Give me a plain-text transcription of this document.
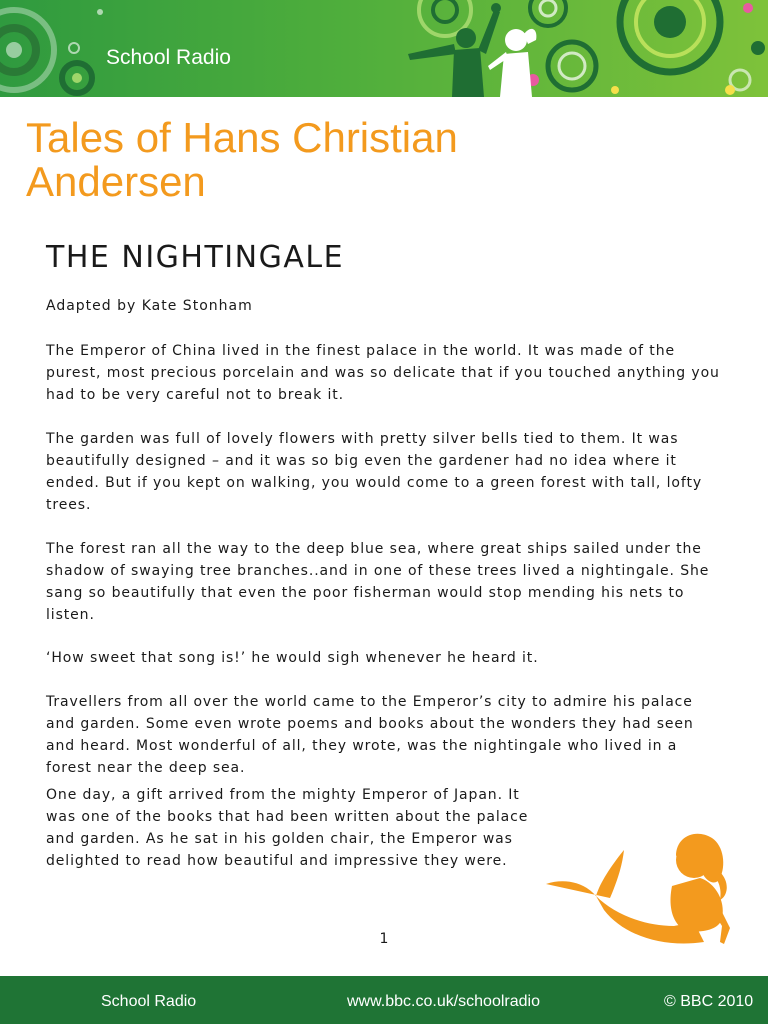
School Radio
Tales of Hans Christian Andersen
THE NIGHTINGALE

Adapted by Kate Stonham

The Emperor of China lived in the finest palace in the world. It was made of the purest, most precious porcelain and was so delicate that if you touched anything you had to be very careful not to break it.

The garden was full of lovely flowers with pretty silver bells tied to them. It was beautifully designed – and it was so big even the gardener had no idea where it ended. But if you kept on walking, you would come to a green forest with tall, lofty trees.

The forest ran all the way to the deep blue sea, where great ships sailed under the shadow of swaying tree branches..and in one of these trees lived a nightingale. She sang so beautifully that even the poor fisherman would stop mending his nets to listen.

‘How sweet that song is!’ he would sigh whenever he heard it.

Travellers from all over the world came to the Emperor’s city to admire his palace and garden. Some even wrote poems and books about the wonders they had seen and heard. Most wonderful of all, they wrote, was the nightingale who lived in a forest near the deep sea.

One day, a gift arrived from the mighty Emperor of Japan. It was one of the books that had been written about the palace and garden. As he sat in his golden chair, the Emperor was delighted to read how beautiful and impressive they were.

1
School Radio	www.bbc.co.uk/schoolradio	© BBC 2010
